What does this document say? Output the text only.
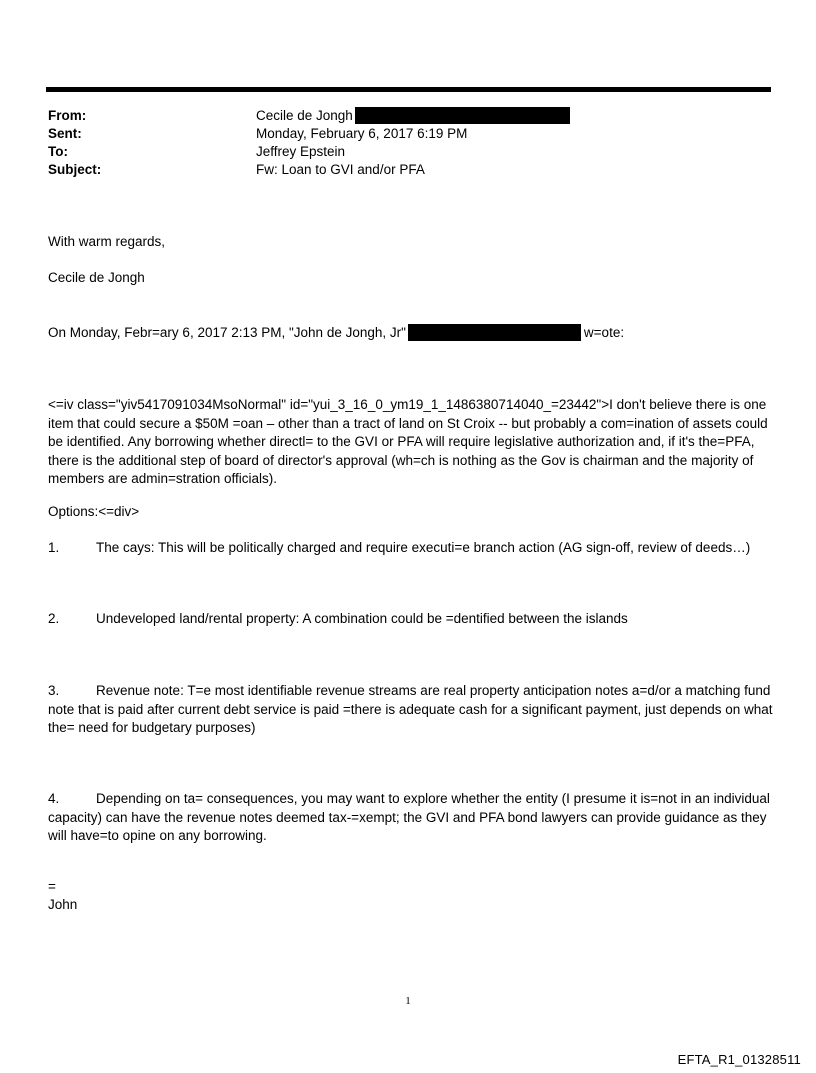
From:	Cecile de Jongh
Sent:	Monday, February 6, 2017 6:19 PM
To:	Jeffrey Epstein
Subject:	Fw: Loan to GVI and/or PFA
With warm regards,
Cecile de Jongh
On Monday, Febr=ary 6, 2017 2:13 PM, "John de Jongh, Jr"	w=ote:
<=iv class="yiv5417091034MsoNormal" id="yui_3_16_0_ym19_1_1486380714040_=23442">I don't believe there is one item that could secure a $50M =oan – other than a tract of land on St Croix -- but probably a com=ination of assets could be identified. Any borrowing whether directl= to the GVI or PFA will require legislative authorization and, if it's the=PFA, there is the additional step of board of director's approval (wh=ch is nothing as the Gov is chairman and the majority of members are admin=stration officials).
Options:<=div>
1.	The cays: This will be politically charged and require executi=e branch action (AG sign-off, review of deeds…)
2.	Undeveloped land/rental property: A combination could be =dentified between the islands
3.	Revenue note: T=e most identifiable revenue streams are real property anticipation notes a=d/or a matching fund note that is paid after current debt service is paid =there is adequate cash for a significant payment, just depends on what the= need for budgetary purposes)
4.	Depending on ta= consequences, you may want to explore whether the entity (I presume it is=not in an individual capacity) can have the revenue notes deemed tax-=xempt; the GVI and PFA bond lawyers can provide guidance as they will have=to opine on any borrowing.
=
John
1
EFTA_R1_01328511
